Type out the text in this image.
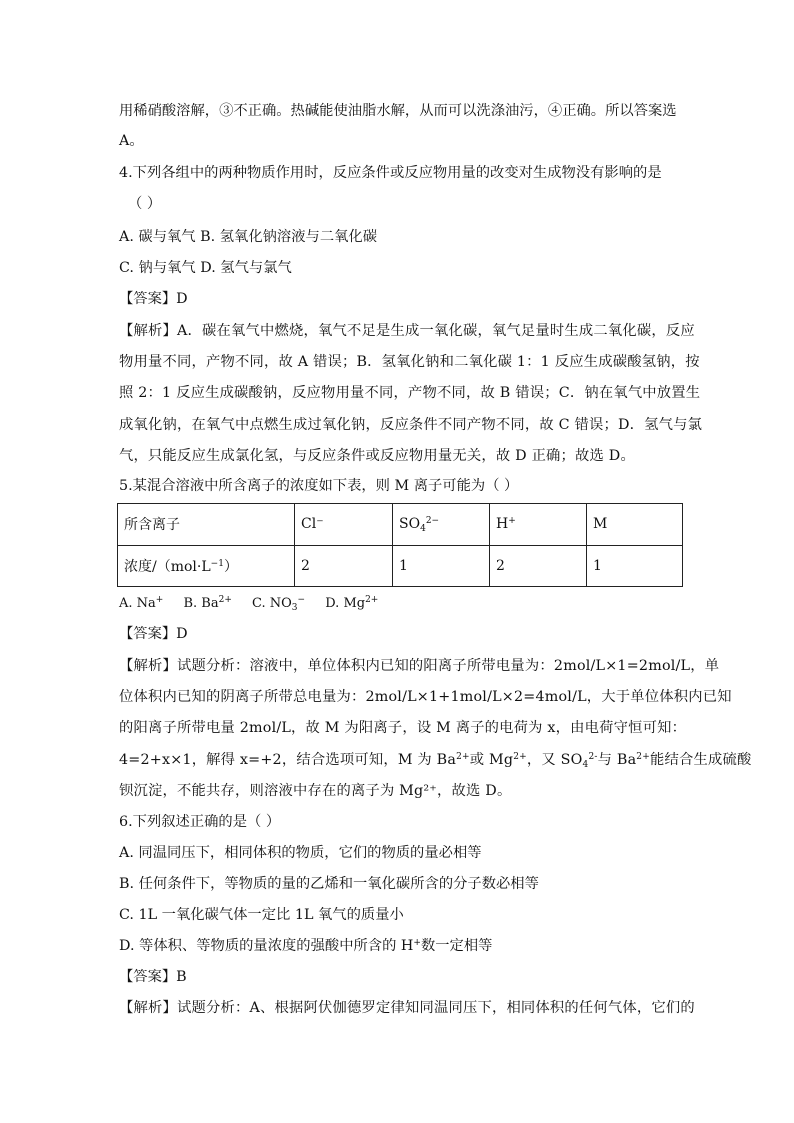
用稀硝酸溶解，③不正确。热碱能使油脂水解，从而可以洗涤油污，④正确。所以答案选
A。
4.下列各组中的两种物质作用时，反应条件或反应物用量的改变对生成物没有影响的是
（ ）
A. 碳与氧气 B. 氢氧化钠溶液与二氧化碳
C. 钠与氧气 D. 氢气与氯气
【答案】D
【解析】A．碳在氧气中燃烧，氧气不足是生成一氧化碳，氧气足量时生成二氧化碳，反应
物用量不同，产物不同，故 A 错误；B．氢氧化钠和二氧化碳 1：1 反应生成碳酸氢钠，按
照 2：1 反应生成碳酸钠，反应物用量不同，产物不同，故 B 错误；C．钠在氧气中放置生
成氧化钠，在氧气中点燃生成过氧化钠，反应条件不同产物不同，故 C 错误；D．氢气与氯
气，只能反应生成氯化氢，与反应条件或反应物用量无关，故 D 正确；故选 D。
5.某混合溶液中所含离子的浓度如下表，则 M 离子可能为（ ）
所含离子	Cl⁻	$SO_4^{2-}$	H+	M
浓度$/(mol\cdot L^{-1})$	2	1	2	1
A. Na+ B. $Ba^{2+}$ C. $NO_3^-$ D. $Mg^{2+}$
【答案】D
【解析】试题分析：溶液中，单位体积内已知的阳离子所带电量为：2mol/L×1=2mol/L，单
位体积内已知的阴离子所带总电量为：2mol/L×1+1mol/L×2=4mol/L，大于单位体积内已知
的阳离子所带电量 2mol/L，故 M 为阳离子，设 M 离子的电荷为 x，由电荷守恒可知：
4=2+x×1，解得 x=+2，结合选项可知，M 为 $Ba^{2+}$或 $Mg^{2+}$，又 $SO_4^{2-}$与 $Ba^{2+}$能结合生成硫酸
钡沉淀，不能共存，则溶液中存在的离子为 Mg²⁺，故选 D。
6.下列叙述正确的是（ ）
A. 同温同压下，相同体积的物质，它们的物质的量必相等
B. 任何条件下，等物质的量的乙烯和一氧化碳所含的分子数必相等
C. 1L 一氧化碳气体一定比 1L 氧气的质量小
D. 等体积、等物质的量浓度的强酸中所含的 H+数一定相等
【答案】B
【解析】试题分析：A、根据阿伏伽德罗定律知同温同压下，相同体积的任何气体，它们的
